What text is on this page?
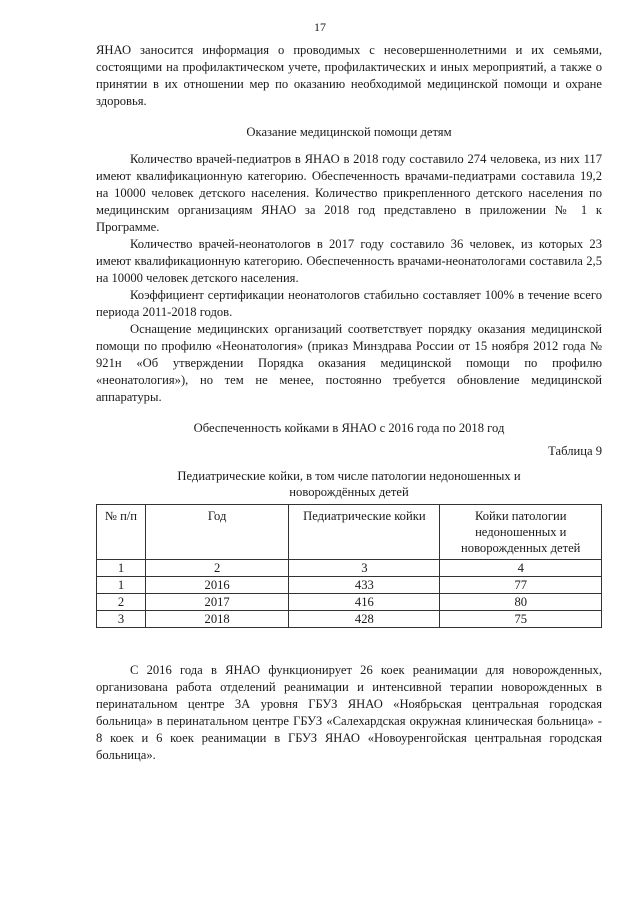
17

ЯНАО заносится информация о проводимых с несовершеннолетними и их семьями, состоящими на профилактическом учете, профилактических и иных мероприятий, а также о принятии в их отношении мер по оказанию необходимой медицинской помощи и охране здоровья.

Оказание медицинской помощи детям

Количество врачей-педиатров в ЯНАО в 2018 году составило 274 человека, из них 117 имеют квалификационную категорию. Обеспеченность врачами-педиатрами составила 19,2 на 10000 человек детского населения. Количество прикрепленного детского населения по медицинским организациям ЯНАО за 2018 год представлено в приложении № 1 к Программе.

Количество врачей-неонатологов в 2017 году составило 36 человек, из которых 23 имеют квалификационную категорию. Обеспеченность врачами-неонатологами составила 2,5 на 10000 человек детского населения.

Коэффициент сертификации неонатологов стабильно составляет 100% в течение всего периода 2011-2018 годов.

Оснащение медицинских организаций соответствует порядку оказания медицинской помощи по профилю «Неонатология» (приказ Минздрава России от 15 ноября 2012 года № 921н «Об утверждении Порядка оказания медицинской помощи по профилю «неонатология»), но тем не менее, постоянно требуется обновление медицинской аппаратуры.

Обеспеченность койками в ЯНАО с 2016 года по 2018 год
Таблица 9
Педиатрические койки, в том числе патологии недоношенных и новорождённых детей
№ п/п	Год	Педиатрические койки	Койки патологии недоношенных и новорожденных детей
1	2	3	4
1	2016	433	77
2	2017	416	80
3	2018	428	75

С 2016 года в ЯНАО функционирует 26 коек реанимации для новорожденных, организована работа отделений реанимации и интенсивной терапии новорожденных в перинатальном центре 3А уровня ГБУЗ ЯНАО «Ноябрьская центральная городская больница» в перинатальном центре ГБУЗ «Салехардская окружная клиническая больница» - 8 коек и 6 коек реанимации в ГБУЗ ЯНАО «Новоуренгойская центральная городская больница».
